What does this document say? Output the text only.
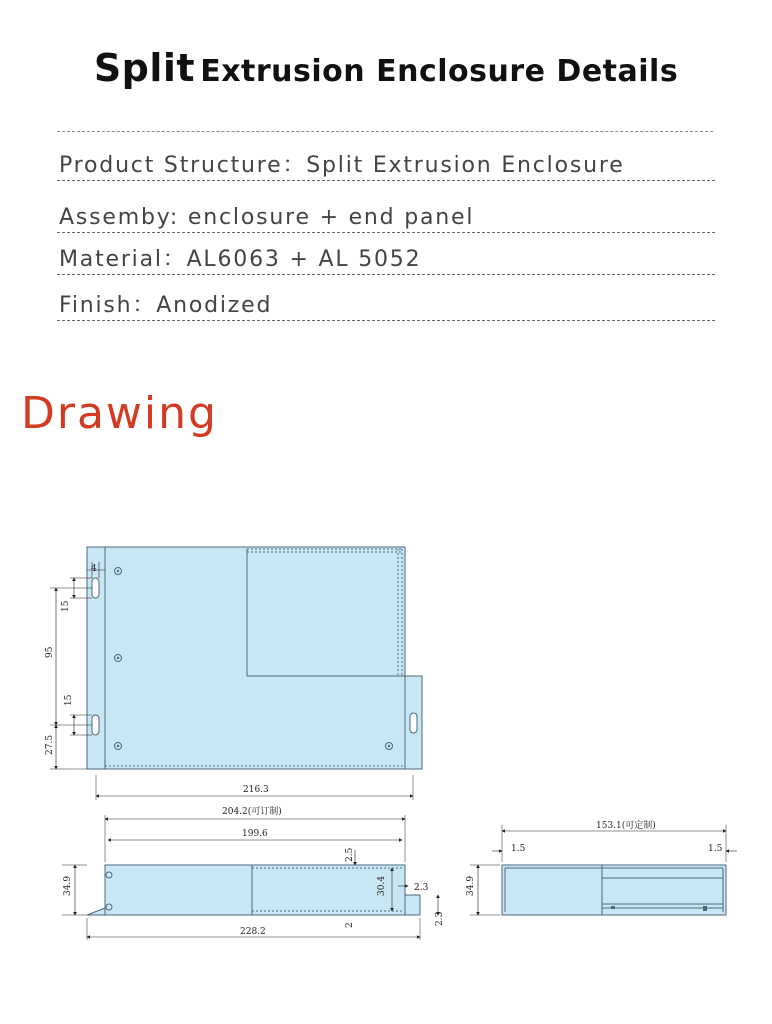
Split Extrusion Enclosure Details
Product Structure：Split Extrusion Enclosure
Assemby: enclosure + end panel
Material：AL6063 + AL 5052
Finish：Anodized
Drawing
4
15
95
15
27.5
216.3
204.2(可订制)
199.6
34.9
2.5
30.4	2.3
2.3
2
228.2
153.1(可定制)
1.5	1.5
34.9
